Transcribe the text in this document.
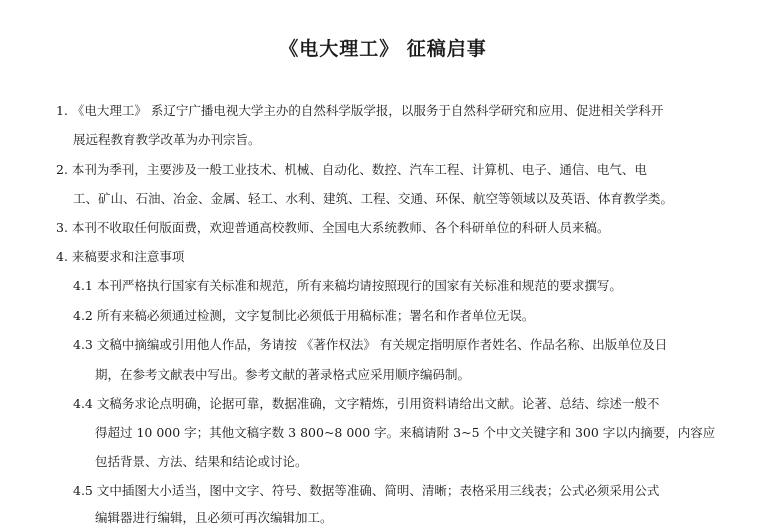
《电大理工》 征稿启事
1. 《电大理工》 系辽宁广播电视大学主办的自然科学版学报，以服务于自然科学研究和应用、促进相关学科开
展远程教育教学改革为办刊宗旨。
2. 本刊为季刊，主要涉及一般工业技术、机械、自动化、数控、汽车工程、计算机、电子、通信、电气、电
工、矿山、石油、冶金、金属、轻工、水利、建筑、工程、交通、环保、航空等领域以及英语、体育教学类。
3. 本刊不收取任何版面费，欢迎普通高校教师、全国电大系统教师、各个科研单位的科研人员来稿。
4. 来稿要求和注意事项
4.1 本刊严格执行国家有关标准和规范，所有来稿均请按照现行的国家有关标准和规范的要求撰写。
4.2 所有来稿必须通过检测，文字复制比必须低于用稿标准；署名和作者单位无误。
4.3 文稿中摘编或引用他人作品，务请按 《著作权法》 有关规定指明原作者姓名、作品名称、出版单位及日
期，在参考文献表中写出。参考文献的著录格式应采用顺序编码制。
4.4 文稿务求论点明确，论据可靠，数据准确，文字精炼，引用资料请给出文献。论著、总结、综述一般不
得超过 10 000 字；其他文稿字数 3 800~8 000 字。来稿请附 3~5 个中文关键字和 300 字以内摘要，内容应
包括背景、方法、结果和结论或讨论。
4.5 文中插图大小适当，图中文字、符号、数据等准确、简明、清晰；表格采用三线表；公式必须采用公式
编辑器进行编辑，且必须可再次编辑加工。
